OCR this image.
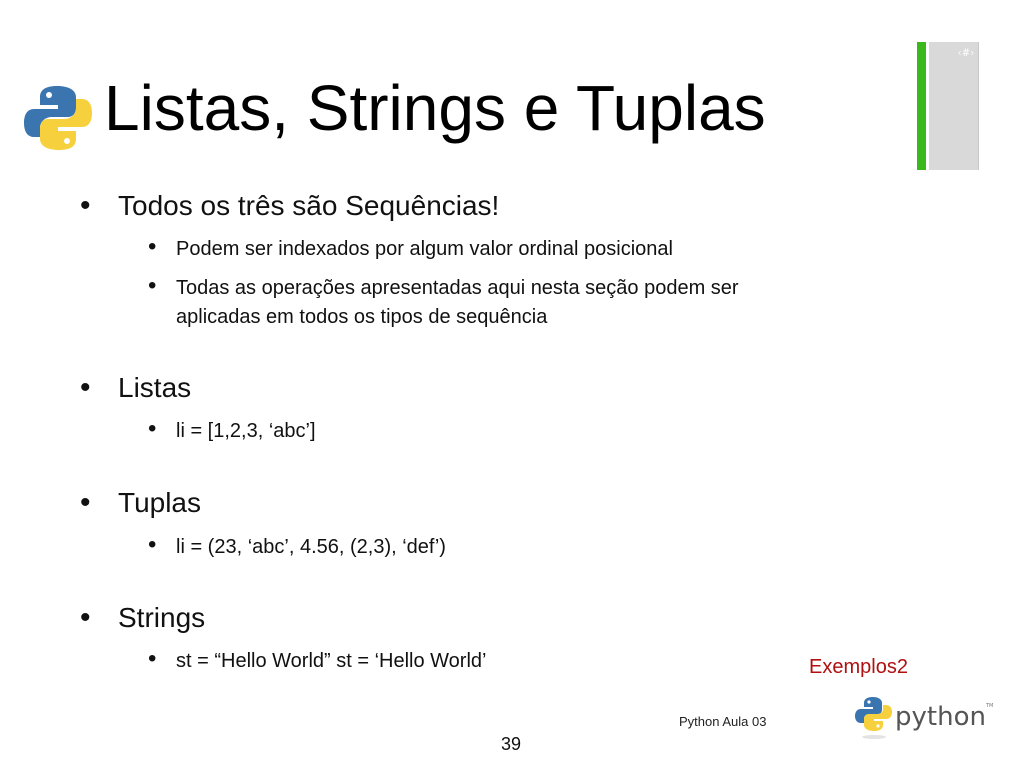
Listas, Strings e Tuplas
‹#›
• Todos os três são Sequências!
• Podem ser indexados por algum valor ordinal posicional
• Todas as operações apresentadas aqui nesta seção podem ser
aplicadas em todos os tipos de sequência
• Listas
• li = [1,2,3, ‘abc’]
• Tuplas
• li = (23, ‘abc’, 4.56, (2,3), ‘def’)
• Strings
• st = “Hello World” st = ‘Hello World’	Exemplos2
Python Aula 03
39
python TM
